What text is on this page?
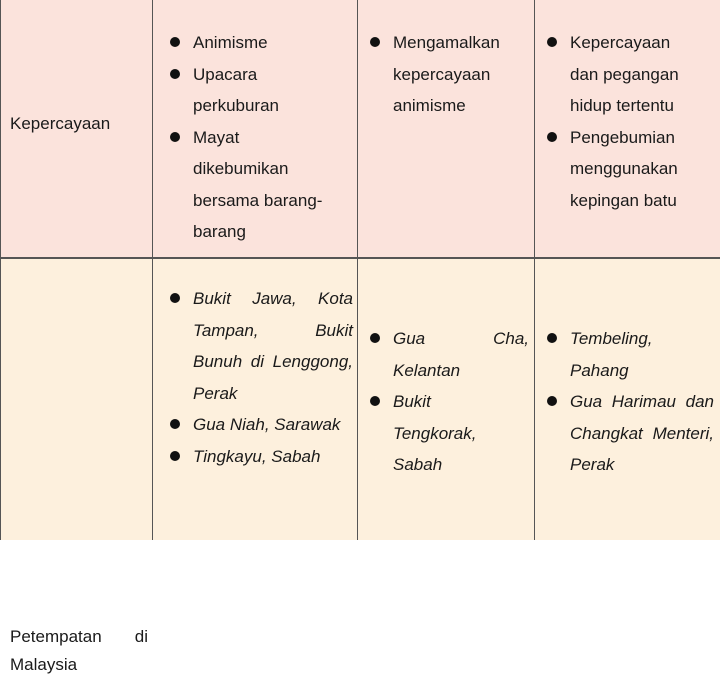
Kepercayaan
Animisme
Upacara perkuburan
Mayat dikebumikan bersama barang-barang
Mengamalkan kepercayaan animisme
Kepercayaan dan pegangan hidup tertentu
Pengebumian menggunakan kepingan batu
Petempatan di
Malaysia
Bukit Jawa, Kota Tampan, Bukit Bunuh di Lenggong, Perak
Gua Niah, Sarawak
Tingkayu, Sabah
Gua Cha, Kelantan
Bukit Tengkorak, Sabah
Tembeling, Pahang
Gua Harimau dan Changkat Menteri, Perak
